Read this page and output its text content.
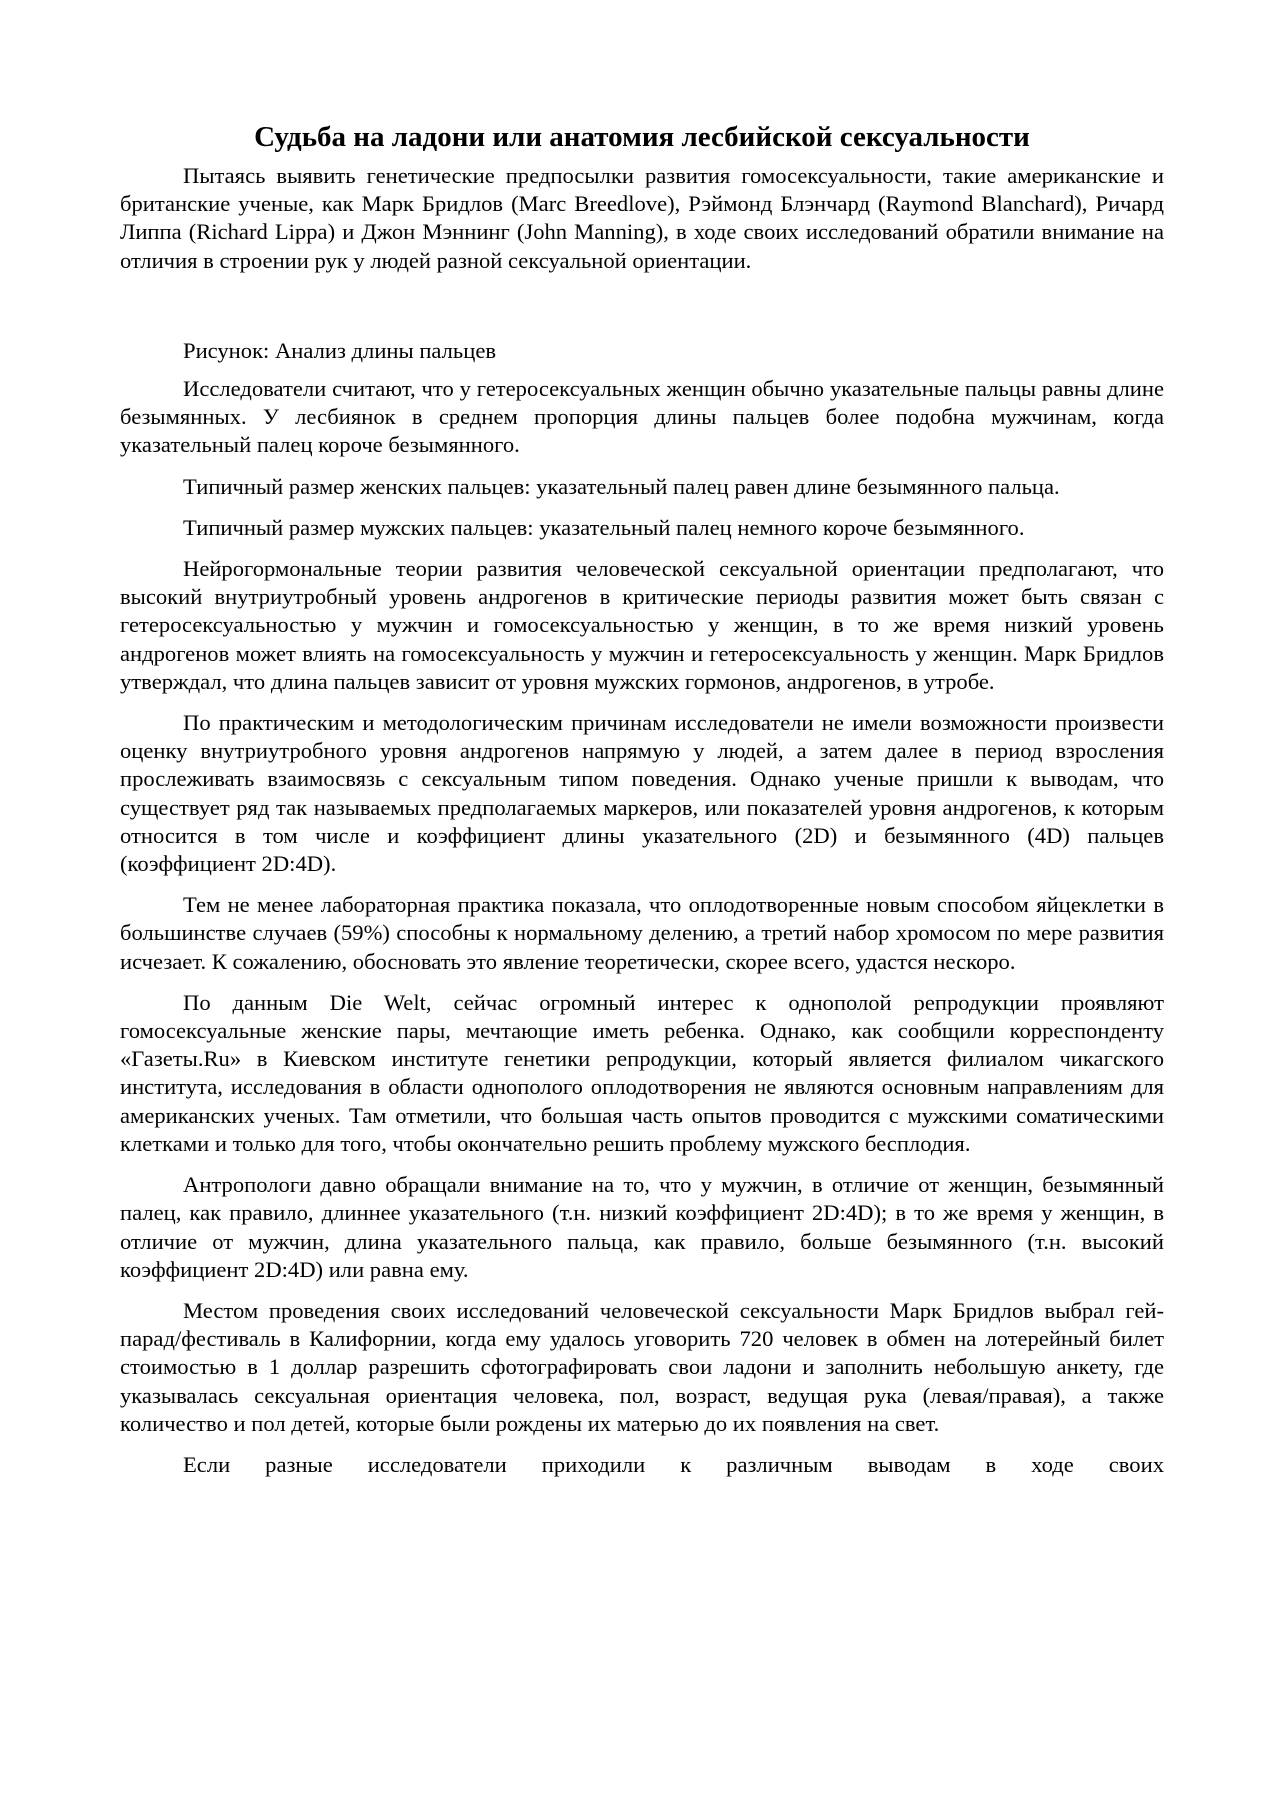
Судьба на ладони или анатомия лесбийской сексуальности

Пытаясь выявить генетические предпосылки развития гомосексуальности, такие американские и британские ученые, как Марк Бридлов (Marc Breedlove), Рэймонд Блэнчард (Raymond Blanchard), Ричард Липпа (Richard Lippa) и Джон Мэннинг (John Manning), в ходе своих исследований обратили внимание на отличия в строении рук у людей разной сексуальной ориентации.

Рисунок: Анализ длины пальцев

Исследователи считают, что у гетеросексуальных женщин обычно указательные пальцы равны длине безымянных. У лесбиянок в среднем пропорция длины пальцев более подобна мужчинам, когда указательный палец короче безымянного.

Типичный размер женских пальцев: указательный палец равен длине безымянного пальца.

Типичный размер мужских пальцев: указательный палец немного короче безымянного.

Нейрогормональные теории развития человеческой сексуальной ориентации предполагают, что высокий внутриутробный уровень андрогенов в критические периоды развития может быть связан с гетеросексуальностью у мужчин и гомосексуальностью у женщин, в то же время низкий уровень андрогенов может влиять на гомосексуальность у мужчин и гетеросексуальность у женщин. Марк Бридлов утверждал, что длина пальцев зависит от уровня мужских гормонов, андрогенов, в утробе.

По практическим и методологическим причинам исследователи не имели возможности произвести оценку внутриутробного уровня андрогенов напрямую у людей, а затем далее в период взросления прослеживать взаимосвязь с сексуальным типом поведения. Однако ученые пришли к выводам, что существует ряд так называемых предполагаемых маркеров, или показателей уровня андрогенов, к которым относится в том числе и коэффициент длины указательного (2D) и безымянного (4D) пальцев (коэффициент 2D:4D).

Тем не менее лабораторная практика показала, что оплодотворенные новым способом яйцеклетки в большинстве случаев (59%) способны к нормальному делению, а третий набор хромосом по мере развития исчезает. К сожалению, обосновать это явление теоретически, скорее всего, удастся нескоро.

По данным Die Welt, сейчас огромный интерес к однополой репродукции проявляют гомосексуальные женские пары, мечтающие иметь ребенка. Однако, как сообщили корреспонденту «Газеты.Ru» в Киевском институте генетики репродукции, который является филиалом чикагского института, исследования в области однополого оплодотворения не являются основным направлениям для американских ученых. Там отметили, что большая часть опытов проводится с мужскими соматическими клетками и только для того, чтобы окончательно решить проблему мужского бесплодия.

Антропологи давно обращали внимание на то, что у мужчин, в отличие от женщин, безымянный палец, как правило, длиннее указательного (т.н. низкий коэффициент 2D:4D); в то же время у женщин, в отличие от мужчин, длина указательного пальца, как правило, больше безымянного (т.н. высокий коэффициент 2D:4D) или равна ему.

Местом проведения своих исследований человеческой сексуальности Марк Бридлов выбрал гей-парад/фестиваль в Калифорнии, когда ему удалось уговорить 720 человек в обмен на лотерейный билет стоимостью в 1 доллар разрешить сфотографировать свои ладони и заполнить небольшую анкету, где указывалась сексуальная ориентация человека, пол, возраст, ведущая рука (левая/правая), а также количество и пол детей, которые были рождены их матерью до их появления на свет.

Если разные исследователи приходили к различным выводам в ходе своих
